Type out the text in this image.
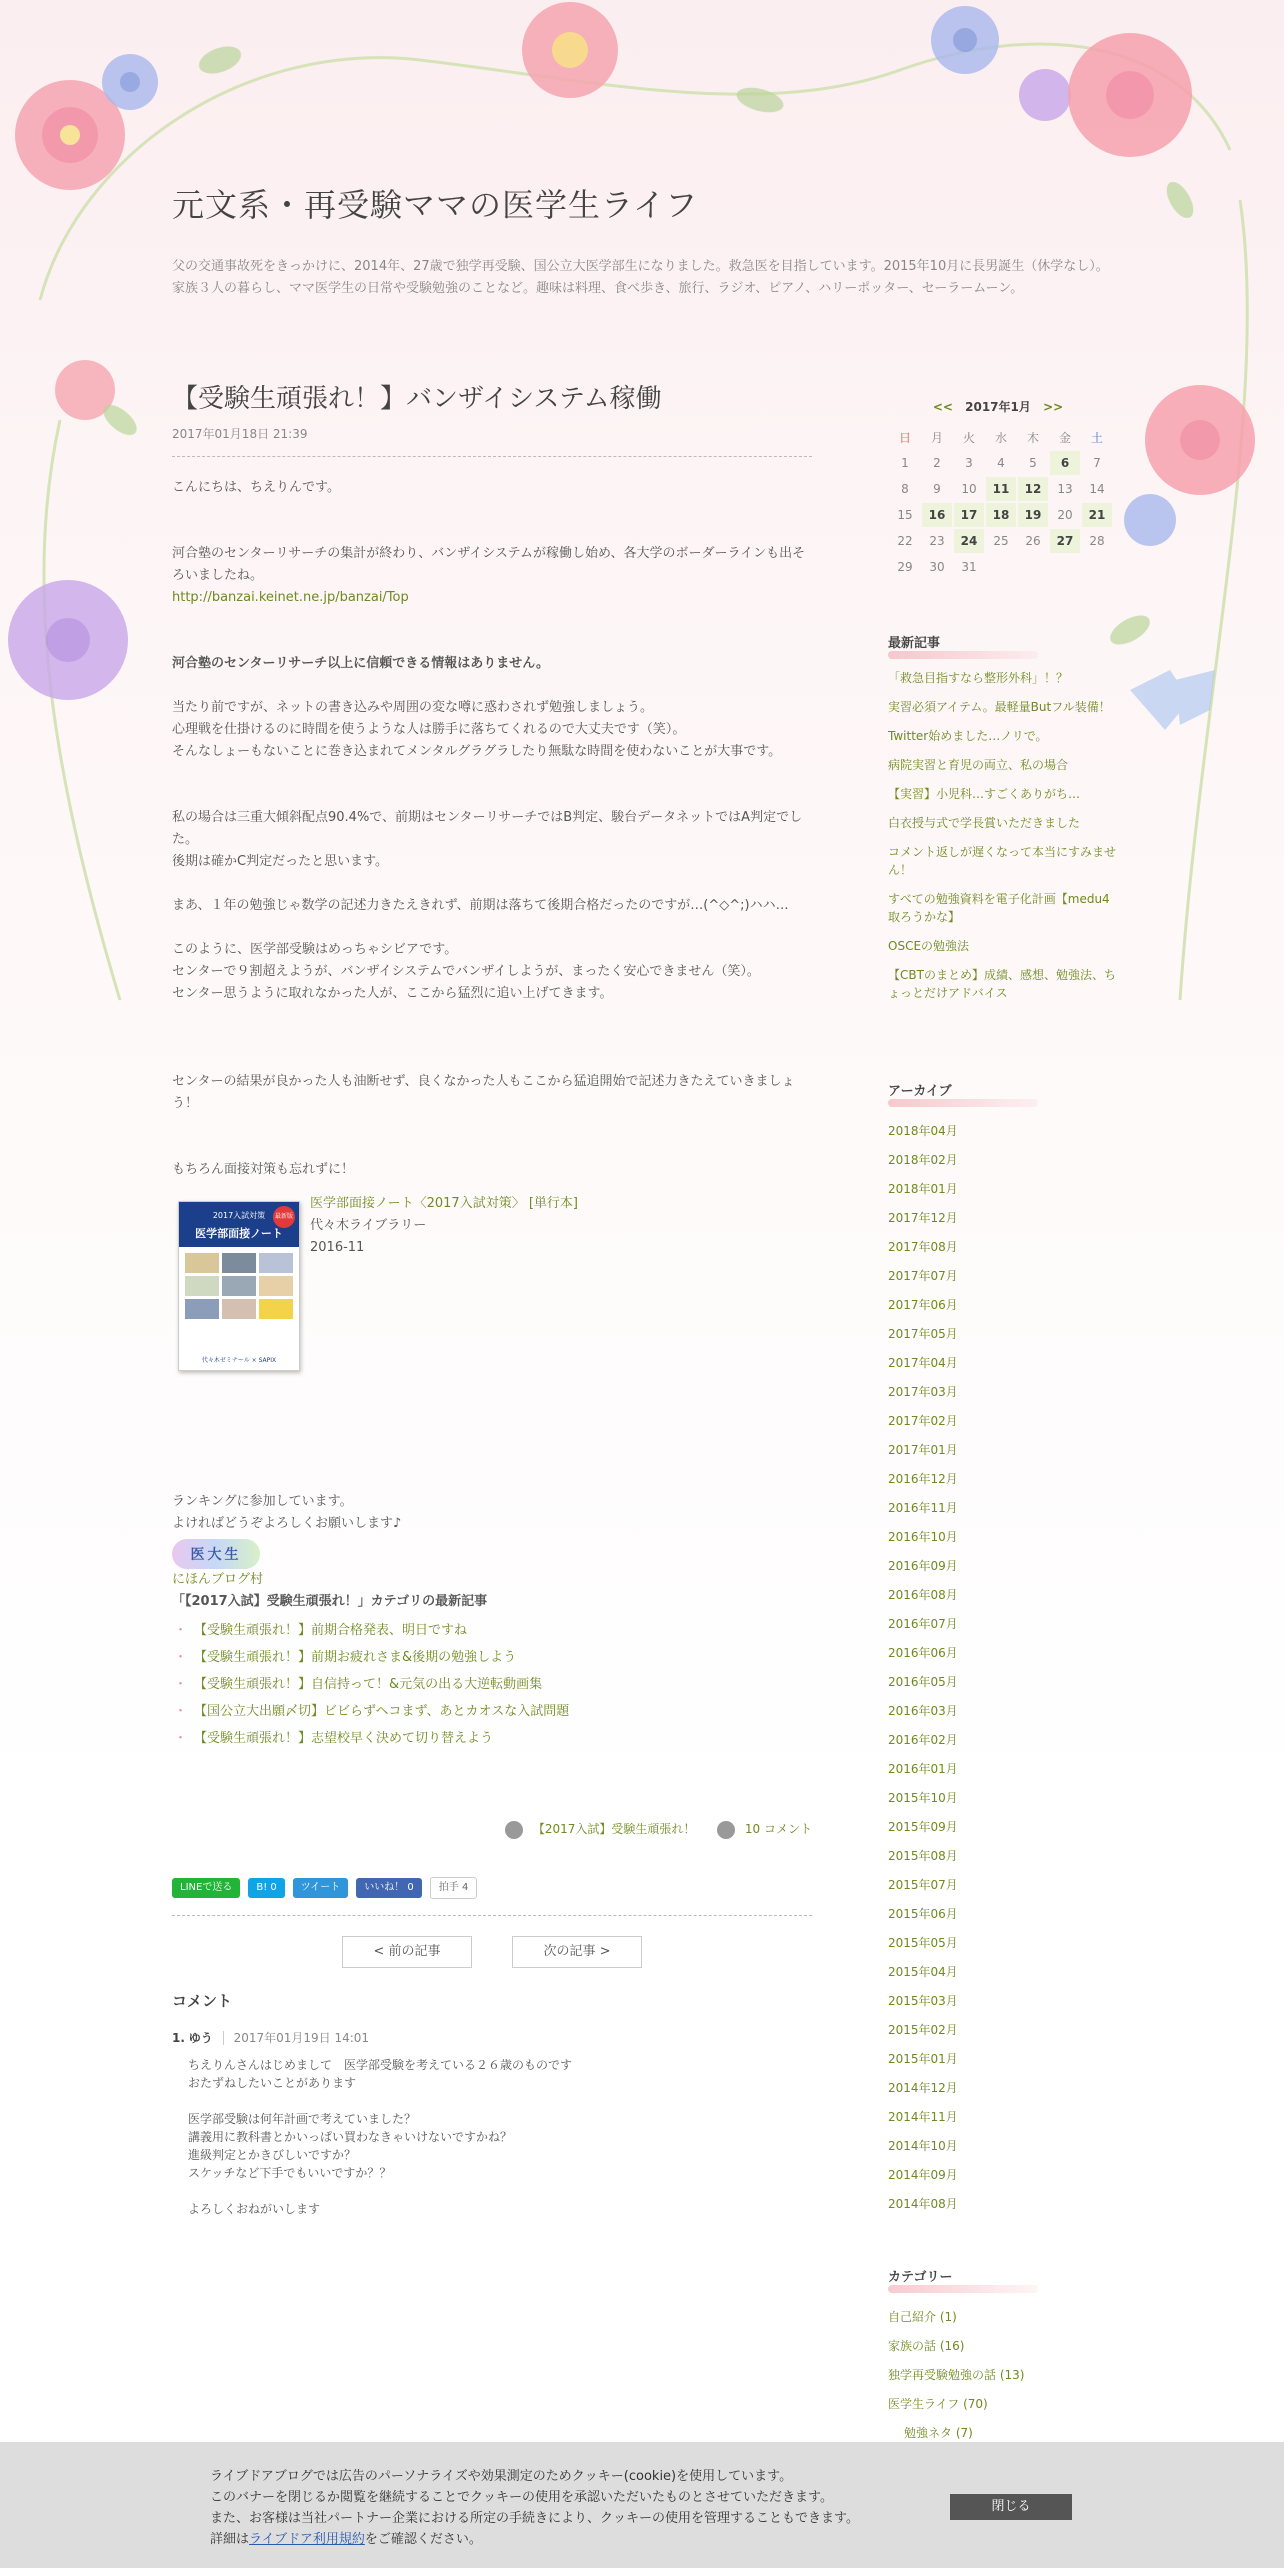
元文系・再受験ママの医学生ライフ

父の交通事故死をきっかけに、2014年、27歳で独学再受験、国公立大医学部生になりました。救急医を目指しています。2015年10月に長男誕生（休学なし）。家族３人の暮らし、ママ医学生の日常や受験勉強のことなど。趣味は料理、食べ歩き、旅行、ラジオ、ピアノ、ハリーポッター、セーラームーン。

【受験生頑張れ！】バンザイシステム稼働
2017年01月18日 21:39

こんにちは、ちえりんです。

河合塾のセンターリサーチの集計が終わり、バンザイシステムが稼働し始め、各大学のボーダーラインも出そろいましたね。

http://banzai.keinet.ne.jp/banzai/Top

河合塾のセンターリサーチ以上に信頼できる情報はありません。

当たり前ですが、ネットの書き込みや周囲の変な噂に惑わされず勉強しましょう。

心理戦を仕掛けるのに時間を使うような人は勝手に落ちてくれるので大丈夫です（笑）。

そんなしょーもないことに巻き込まれてメンタルグラグラしたり無駄な時間を使わないことが大事です。

私の場合は三重大傾斜配点90.4%で、前期はセンターリサーチではB判定、駿台データネットではA判定でした。

後期は確かC判定だったと思います。

まあ、１年の勉強じゃ数学の記述力きたえきれず、前期は落ちて後期合格だったのですが…(^◇^;)ハハ…

このように、医学部受験はめっちゃシビアです。

センターで９割超えようが、バンザイシステムでバンザイしようが、まったく安心できません（笑）。

センター思うように取れなかった人が、ここから猛烈に追い上げてきます。

センターの結果が良かった人も油断せず、良くなかった人もここから猛追開始で記述力きたえていきましょう！

もちろん面接対策も忘れずに！

2017入試対策
医学部面接ノート
最新版
代々木ゼミナール × SAPIX

医学部面接ノート〈2017入試対策〉 [単行本]

代々木ライブラリー

2016-11

ランキングに参加しています。

よければどうぞよろしくお願いします♪

医大生

にほんブログ村

「【2017入試】受験生頑張れ！」カテゴリの最新記事

・ 【受験生頑張れ！】前期合格発表、明日ですね
・ 【受験生頑張れ！】前期お疲れさま&後期の勉強しよう
・ 【受験生頑張れ！】自信持って！&元気の出る大逆転動画集
・ 【国公立大出願〆切】ビビらずヘコまず、あとカオスな入試問題
・ 【受験生頑張れ！】志望校早く決めて切り替えよう
【2017入試】受験生頑張れ！	10 コメント
LINEで送る	B! 0	ツイート	いいね！ 0	拍手 4
< 前の記事	次の記事 >
コメント
1. ゆう 2017年01月19日 14:01

ちえりんさんはじめまして　医学部受験を考えている２６歳のものです

おたずねしたいことがあります

医学部受験は何年計画で考えていました？

講義用に教科書とかいっぱい買わなきゃいけないですかね？

進級判定とかきびしいですか？

スケッチなど下手でもいいですか？？

よろしくおねがいします

<< 2017年1月 >>
日	月	火	水	木	金	土
1	2	3	4	5	6	7
8	9	10	11	12	13	14
15	16	17	18	19	20	21
22	23	24	25	26	27	28
29	30	31				
最新記事
「救急目指すなら整形外科」！？
実習必須アイテム。最軽量Butフル装備！
Twitter始めました…ノリで。
病院実習と育児の両立、私の場合
【実習】小児科…すごくありがち…
白衣授与式で学長賞いただきました
コメント返しが遅くなって本当にすみません！
すべての勉強資料を電子化計画【medu4取ろうかな】
OSCEの勉強法
【CBTのまとめ】成績、感想、勉強法、ちょっとだけアドバイス
アーカイブ
2018年04月
2018年02月
2018年01月
2017年12月
2017年08月
2017年07月
2017年06月
2017年05月
2017年04月
2017年03月
2017年02月
2017年01月
2016年12月
2016年11月
2016年10月
2016年09月
2016年08月
2016年07月
2016年06月
2016年05月
2016年03月
2016年02月
2016年01月
2015年10月
2015年09月
2015年08月
2015年07月
2015年06月
2015年05月
2015年04月
2015年03月
2015年02月
2015年01月
2014年12月
2014年11月
2014年10月
2014年09月
2014年08月
カテゴリー
自己紹介 (1)
家族の話 (16)
独学再受験勉強の話 (13)
医学生ライフ (70)
勉強ネタ (7)
ライブドアブログでは広告のパーソナライズや効果測定のためクッキー(cookie)を使用しています。
このバナーを閉じるか閲覧を継続することでクッキーの使用を承認いただいたものとさせていただきます。
また、お客様は当社パートナー企業における所定の手続きにより、クッキーの使用を管理することもできます。
詳細はライブドア利用規約をご確認ください。
閉じる
